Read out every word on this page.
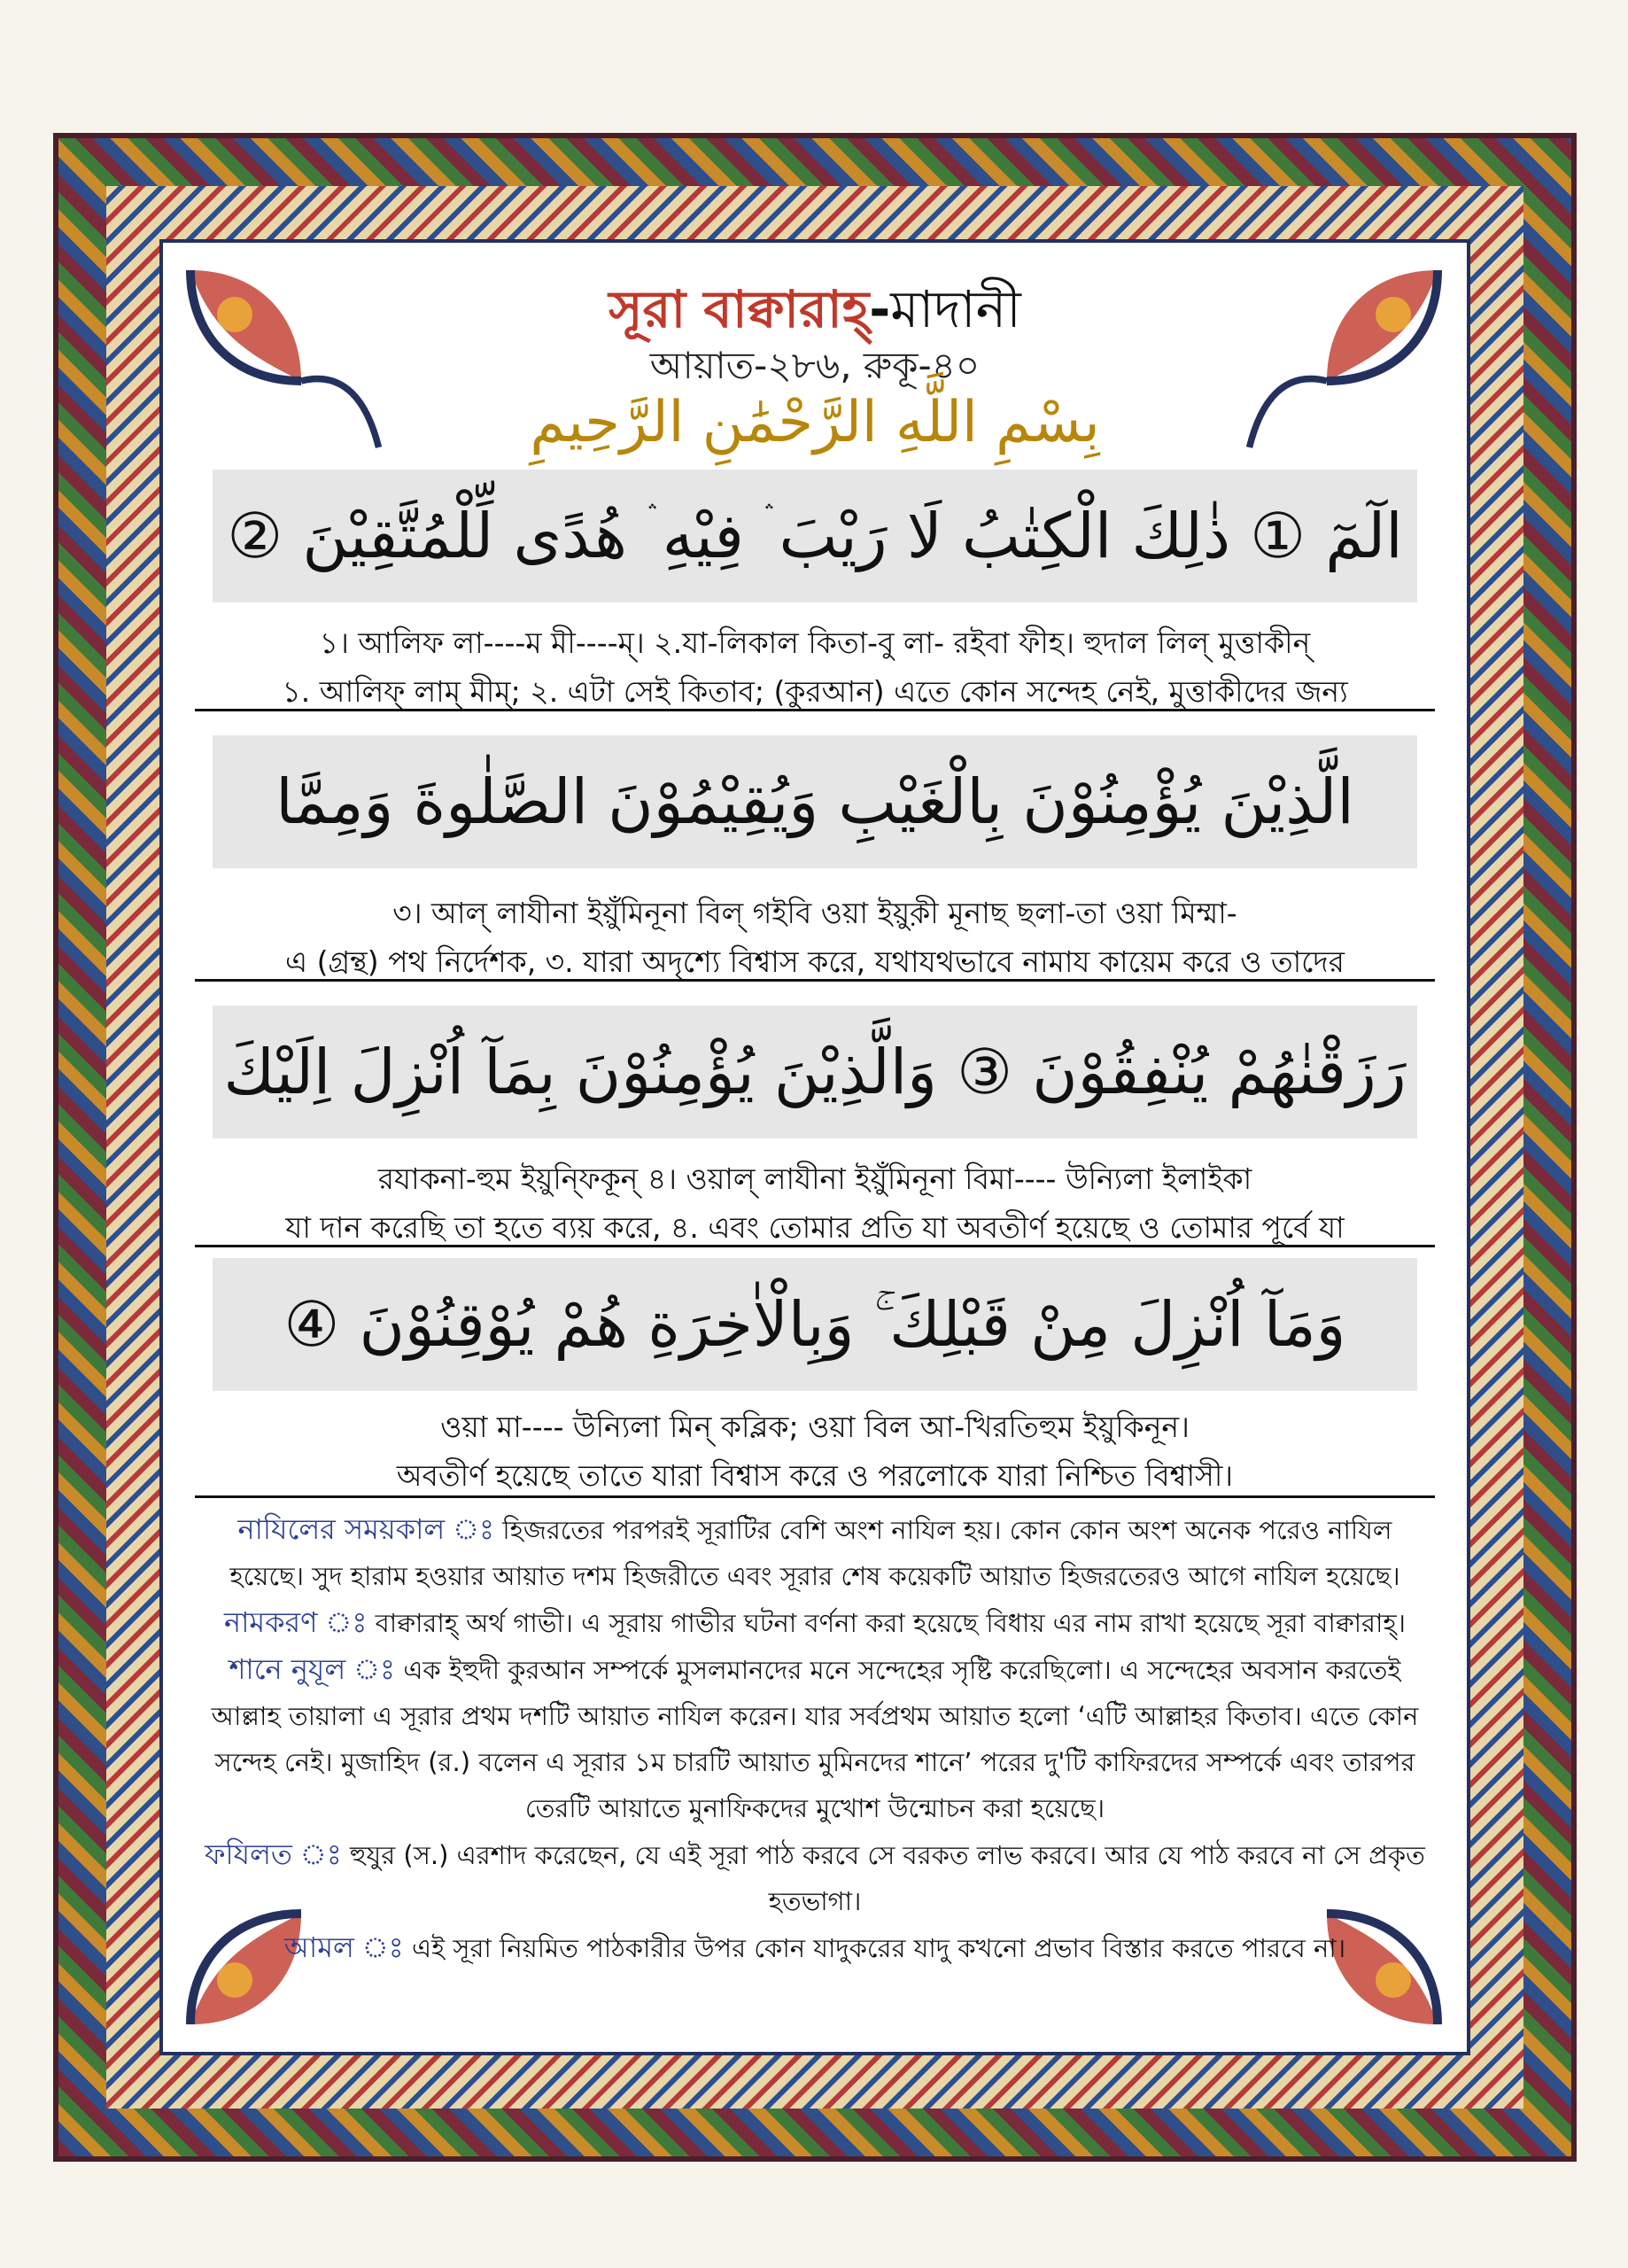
সূরা বাক্বারাহ্-মাদানী
আয়াত-২৮৬, রুকূ-৪০
بِسْمِ اللَّهِ الرَّحْمَٰنِ الرَّحِيمِ
الٓمٓ ① ذٰلِكَ الْكِتٰبُ لَا رَيْبَ ۛ فِيْهِ ۛ هُدًى لِّلْمُتَّقِيْنَ ②
১। আলিফ লা----ম মী----ম্। ২.যা-লিকাল কিতা-বু লা- রইবা ফীহ। হুদাল লিল্ মুত্তাকীন্
১. আলিফ্ লাম্ মীম্; ২. এটা সেই কিতাব; (কুরআন) এতে কোন সন্দেহ নেই, মুত্তাকীদের জন্য
الَّذِيْنَ يُؤْمِنُوْنَ بِالْغَيْبِ وَيُقِيْمُوْنَ الصَّلٰوةَ وَمِمَّا
৩। আল্ লাযীনা ইয়ুঁমিনূনা বিল্ গইবি ওয়া ইয়ুক়ী মূনাছ ছলা-তা ওয়া মিম্মা-
এ (গ্রন্থ) পথ নির্দেশক, ৩. যারা অদৃশ্যে বিশ্বাস করে, যথাযথভাবে নামায কায়েম করে ও তাদের
رَزَقْنٰهُمْ يُنْفِقُوْنَ ③ وَالَّذِيْنَ يُؤْمِنُوْنَ بِمَآ اُنْزِلَ اِلَيْكَ
রযাকনা-হুম ইয়ুন্ফিকূন্ ৪। ওয়াল্ লাযীনা ইয়ুঁমিনূনা বিমা---- উন্যিলা ইলাইকা
যা দান করেছি তা হতে ব্যয় করে, ৪. এবং তোমার প্রতি যা অবতীর্ণ হয়েছে ও তোমার পূর্বে যা
وَمَآ اُنْزِلَ مِنْ قَبْلِكَ ۚ وَبِالْاٰخِرَةِ هُمْ يُوْقِنُوْنَ ④
ওয়া মা---- উন্যিলা মিন্ কব্লিক; ওয়া বিল আ-খিরতিহুম ইয়ুকিনূন।
অবতীর্ণ হয়েছে তাতে যারা বিশ্বাস করে ও পরলোকে যারা নিশ্চিত বিশ্বাসী।

নাযিলের সময়কাল ঃ হিজরতের পরপরই সূরাটির বেশি অংশ নাযিল হয়। কোন কোন অংশ অনেক পরেও নাযিল হয়েছে। সুদ হারাম হওয়ার আয়াত দশম হিজরীতে এবং সূরার শেষ কয়েকটি আয়াত হিজরতেরও আগে নাযিল হয়েছে।

নামকরণ ঃ বাক্বারাহ্ অর্থ গাভী। এ সূরায় গাভীর ঘটনা বর্ণনা করা হয়েছে বিধায় এর নাম রাখা হয়েছে সূরা বাক্বারাহ্।

শানে নুযূল ঃ এক ইহুদী কুরআন সম্পর্কে মুসলমানদের মনে সন্দেহের সৃষ্টি করেছিলো। এ সন্দেহের অবসান করতেই আল্লাহ তায়ালা এ সূরার প্রথম দশটি আয়াত নাযিল করেন। যার সর্বপ্রথম আয়াত হলো ‘এটি আল্লাহর কিতাব। এতে কোন সন্দেহ নেই। মুজাহিদ (র.) বলেন এ সূরার ১ম চারটি আয়াত মুমিনদের শানে’ পরের দু'টি কাফিরদের সম্পর্কে এবং তারপর তেরটি আয়াতে মুনাফিকদের মুখোশ উন্মোচন করা হয়েছে।

ফযিলত ঃ হুযুর (স.) এরশাদ করেছেন, যে এই সূরা পাঠ করবে সে বরকত লাভ করবে। আর যে পাঠ করবে না সে প্রকৃত হতভাগা।

আমল ঃ এই সূরা নিয়মিত পাঠকারীর উপর কোন যাদুকরের যাদু কখনো প্রভাব বিস্তার করতে পারবে না।
